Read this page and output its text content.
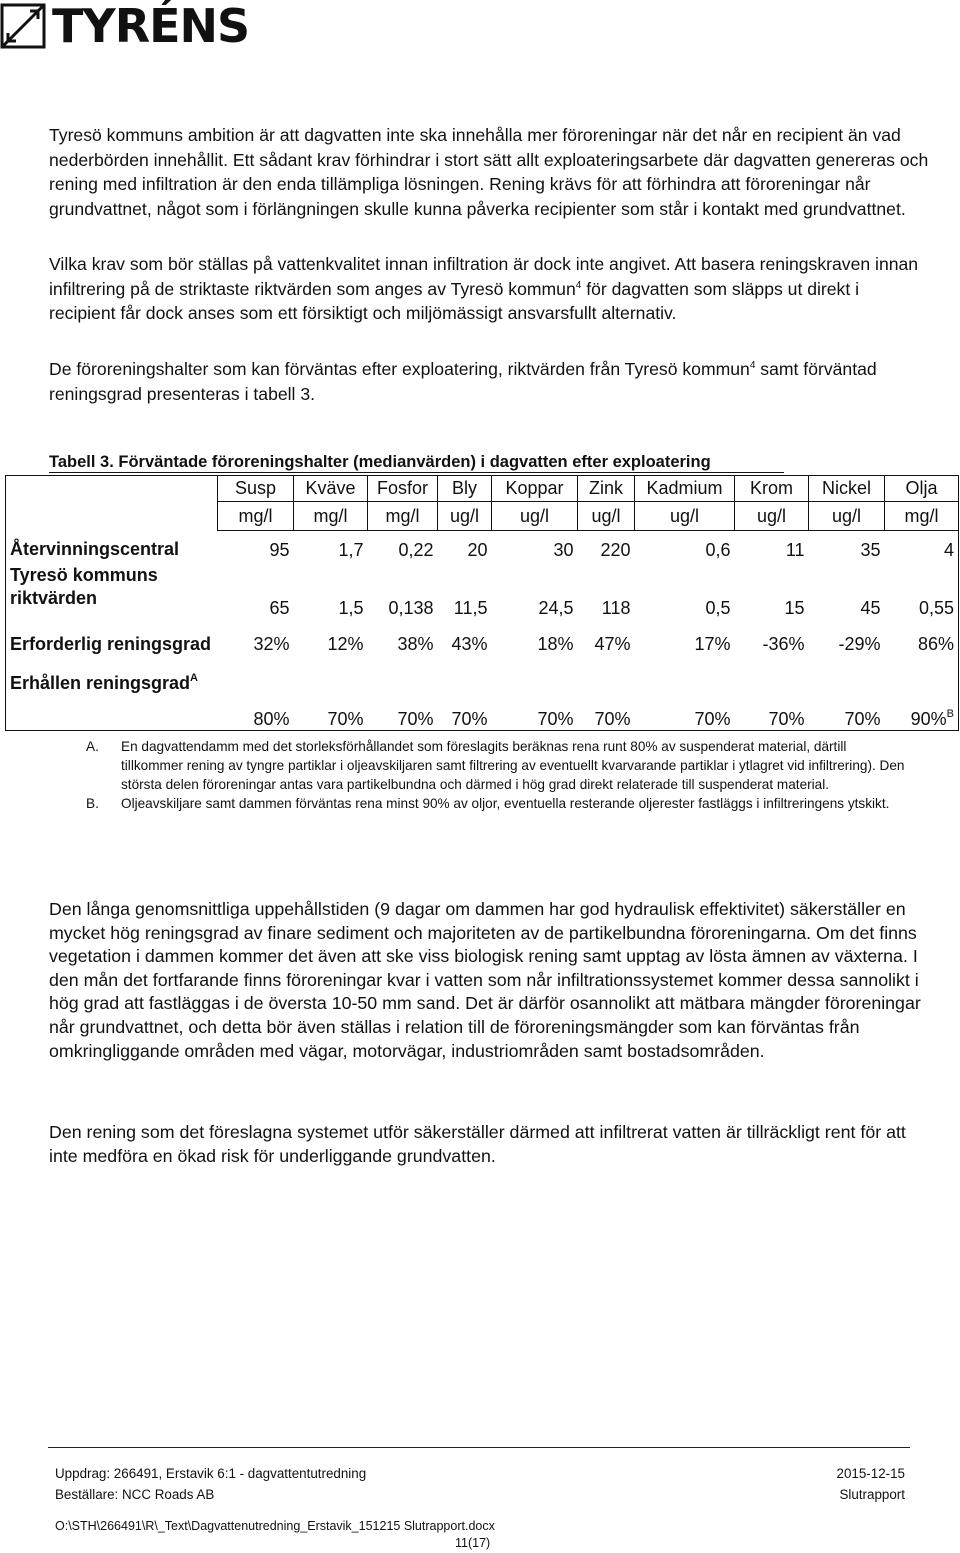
TYRÉNS

Tyresö kommuns ambition är att dagvatten inte ska innehålla mer föroreningar när det når en recipient än vad nederbörden innehållit. Ett sådant krav förhindrar i stort sätt allt exploateringsarbete där dagvatten genereras och rening med infiltration är den enda tillämpliga lösningen. Rening krävs för att förhindra att föroreningar når grundvattnet, något som i förlängningen skulle kunna påverka recipienter som står i kontakt med grundvattnet.

Vilka krav som bör ställas på vattenkvalitet innan infiltration är dock inte angivet. Att basera reningskraven innan infiltrering på de striktaste riktvärden som anges av Tyresö kommun$^4$ för dagvatten som släpps ut direkt i recipient får dock anses som ett försiktigt och miljömässigt ansvarsfullt alternativ.

De föroreningshalter som kan förväntas efter exploatering, riktvärden från Tyresö kommun$^4$ samt förväntad reningsgrad presenteras i tabell 3.

Tabell 3. Förväntade föroreningshalter (medianvärden) i dagvatten efter exploatering

	Susp	Kväve	Fosfor	Bly	Koppar	Zink	Kadmium	Krom	Nickel	Olja
	mg/l	mg/l	mg/l	ug/l	ug/l	ug/l	ug/l	ug/l	ug/l	mg/l
Återvinningscentral	95	1,7	0,22	20	30	220	0,6	11	35	4
Tyresö kommuns riktvärden	65	1,5	0,138	11,5	24,5	118	0,5	15	45	0,55
Erforderlig reningsgrad	32%	12%	38%	43%	18%	47%	17%	-36%	-29%	86%
Erhållen reningsgrad$^A$	80%	70%	70%	70%	70%	70%	70%	70%	70%	90%$^B$
A.	En dagvattendamm med det storleksförhållandet som föreslagits beräknas rena runt 80% av suspenderat material, därtill tillkommer rening av tyngre partiklar i oljeavskiljaren samt filtrering av eventuellt kvarvarande partiklar i ytlagret vid infiltrering). Den största delen föroreningar antas vara partikelbundna och därmed i hög grad direkt relaterade till suspenderat material.
B.	Oljeavskiljare samt dammen förväntas rena minst 90% av oljor, eventuella resterande oljerester fastläggs i infiltreringens ytskikt.

Den långa genomsnittliga uppehållstiden (9 dagar om dammen har god hydraulisk effektivitet) säkerställer en mycket hög reningsgrad av finare sediment och majoriteten av de partikelbundna föroreningarna. Om det finns vegetation i dammen kommer det även att ske viss biologisk rening samt upptag av lösta ämnen av växterna. I den mån det fortfarande finns föroreningar kvar i vatten som når infiltrationssystemet kommer dessa sannolikt i hög grad att fastläggas i de översta 10-50 mm sand. Det är därför osannolikt att mätbara mängder föroreningar når grundvattnet, och detta bör även ställas i relation till de föroreningsmängder som kan förväntas från omkringliggande områden med vägar, motorvägar, industriområden samt bostadsområden.

Den rening som det föreslagna systemet utför säkerställer därmed att infiltrerat vatten är tillräckligt rent för att inte medföra en ökad risk för underliggande grundvatten.

Uppdrag: 266491, Erstavik 6:1 - dagvattentutredning

Beställare: NCC Roads AB

2015-12-15

Slutrapport

O:\STH\266491\R\_Text\Dagvattenutredning_Erstavik_151215 Slutrapport.docx

11(17)
